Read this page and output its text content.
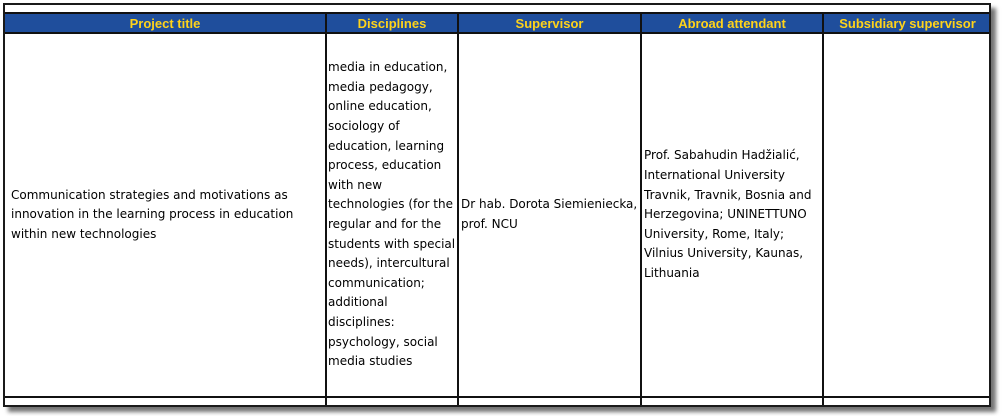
Project title	Disciplines	Supervisor	Abroad attendant	Subsidiary supervisor
Communication strategies and motivations as innovation in the learning process in education within new technologies	media in education, media pedagogy, online education, sociology of education, learning process, education with new technologies (for the regular and for the students with special needs), intercultural communication; additional disciplines: psychology, social media studies	Dr hab. Dorota Siemieniecka, prof. NCU	Prof. Sabahudin Hadžialić, International University Travnik, Travnik, Bosnia and Herzegovina; UNINETTUNO University, Rome, Italy; Vilnius University, Kaunas, Lithuania	
